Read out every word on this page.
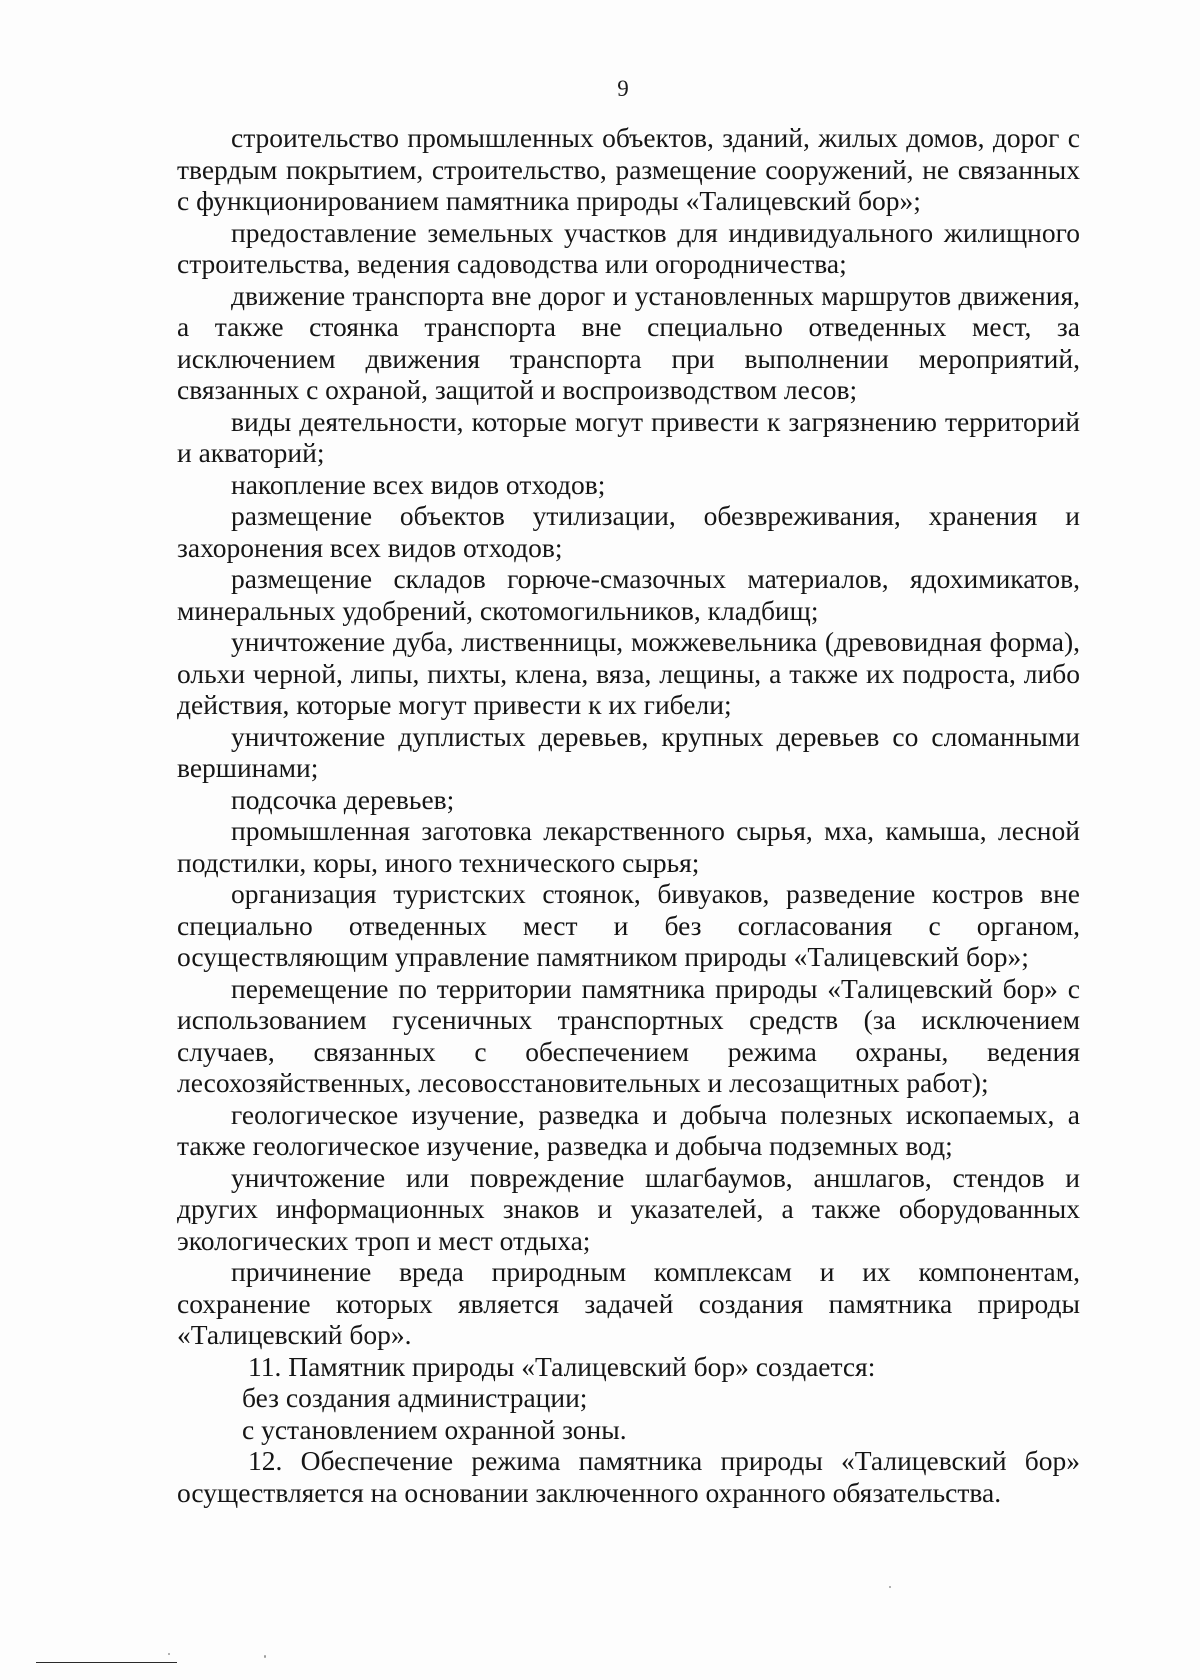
9

строительство промышленных объектов, зданий, жилых домов, дорог с твердым покрытием, строительство, размещение сооружений, не связанных с функционированием памятника природы «Талицевский бор»;

предоставление земельных участков для индивидуального жилищного строительства, ведения садоводства или огородничества;

движение транспорта вне дорог и установленных маршрутов движения, а также стоянка транспорта вне специально отведенных мест, за исключением движения транспорта при выполнении мероприятий, связанных с охраной, защитой и воспроизводством лесов;

виды деятельности, которые могут привести к загрязнению территорий и акваторий;

накопление всех видов отходов;

размещение объектов утилизации, обезвреживания, хранения и захоронения всех видов отходов;

размещение складов горюче-смазочных материалов, ядохимикатов, минеральных удобрений, скотомогильников, кладбищ;

уничтожение дуба, лиственницы, можжевельника (древовидная форма), ольхи черной, липы, пихты, клена, вяза, лещины, а также их подроста, либо действия, которые могут привести к их гибели;

уничтожение дуплистых деревьев, крупных деревьев со сломанными вершинами;

подсочка деревьев;

промышленная заготовка лекарственного сырья, мха, камыша, лесной подстилки, коры, иного технического сырья;

организация туристских стоянок, бивуаков, разведение костров вне специально отведенных мест и без согласования с органом, осуществляющим управление памятником природы «Талицевский бор»;

перемещение по территории памятника природы «Талицевский бор» с использованием гусеничных транспортных средств (за исключением случаев, связанных с обеспечением режима охраны, ведения лесохозяйственных, лесовосстановительных и лесозащитных работ);

геологическое изучение, разведка и добыча полезных ископаемых, а также геологическое изучение, разведка и добыча подземных вод;

уничтожение или повреждение шлагбаумов, аншлагов, стендов и других информационных знаков и указателей, а также оборудованных экологических троп и мест отдыха;

причинение вреда природным комплексам и их компонентам, сохранение которых является задачей создания памятника природы «Талицевский бор».

11. Памятник природы «Талицевский бор» создается:

без создания администрации;

с установлением охранной зоны.

12. Обеспечение режима памятника природы «Талицевский бор» осуществляется на основании заключенного охранного обязательства.
